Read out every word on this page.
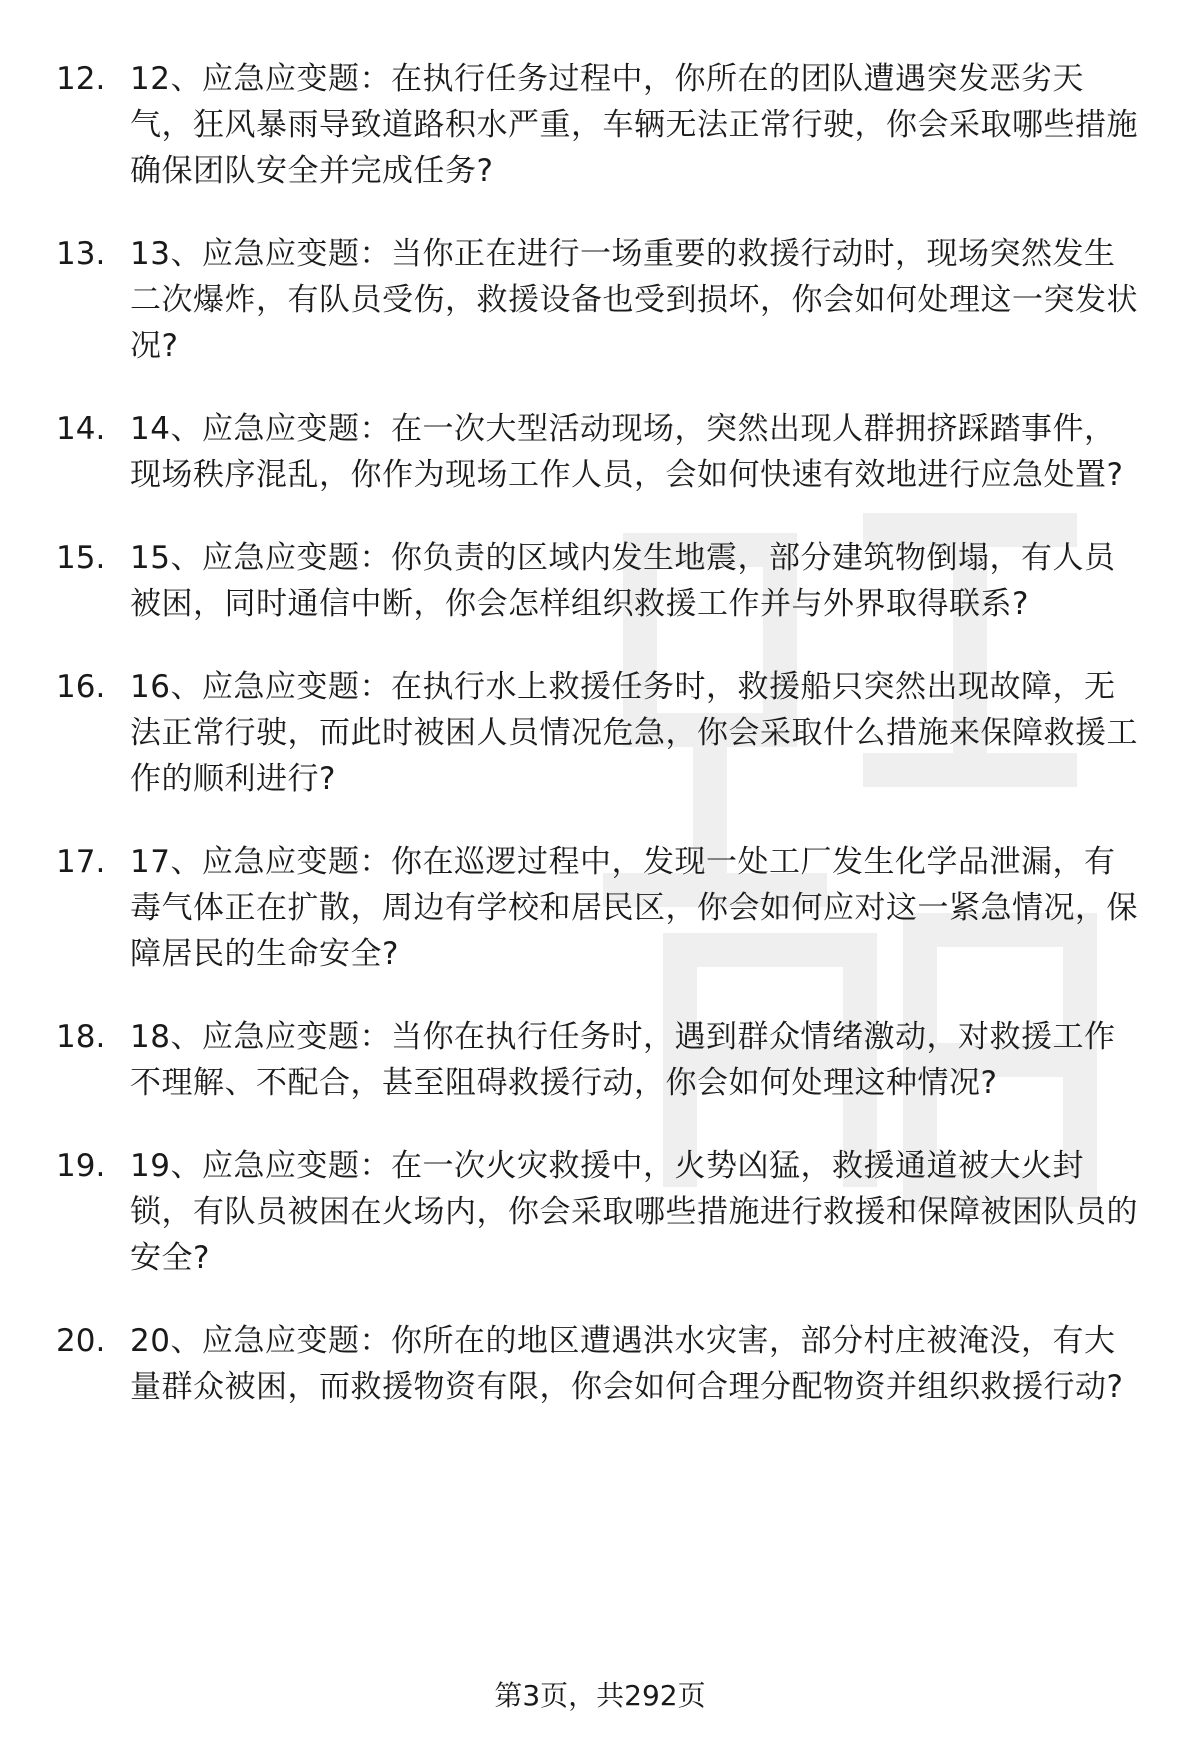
12. 12、应急应变题：在执行任务过程中，你所在的团队遭遇突发恶劣天气，狂风暴雨导致道路积水严重，车辆无法正常行驶，你会采取哪些措施确保团队安全并完成任务?
13. 13、应急应变题：当你正在进行一场重要的救援行动时，现场突然发生二次爆炸，有队员受伤，救援设备也受到损坏，你会如何处理这一突发状况?
14. 14、应急应变题：在一次大型活动现场，突然出现人群拥挤踩踏事件，现场秩序混乱，你作为现场工作人员，会如何快速有效地进行应急处置?
15. 15、应急应变题：你负责的区域内发生地震，部分建筑物倒塌，有人员被困，同时通信中断，你会怎样组织救援工作并与外界取得联系?
16. 16、应急应变题：在执行水上救援任务时，救援船只突然出现故障，无法正常行驶，而此时被困人员情况危急，你会采取什么措施来保障救援工作的顺利进行?
17. 17、应急应变题：你在巡逻过程中，发现一处工厂发生化学品泄漏，有毒气体正在扩散，周边有学校和居民区，你会如何应对这一紧急情况，保障居民的生命安全?
18. 18、应急应变题：当你在执行任务时，遇到群众情绪激动，对救援工作不理解、不配合，甚至阻碍救援行动，你会如何处理这种情况?
19. 19、应急应变题：在一次火灾救援中，火势凶猛，救援通道被大火封锁，有队员被困在火场内，你会采取哪些措施进行救援和保障被困队员的安全?
20. 20、应急应变题：你所在的地区遭遇洪水灾害，部分村庄被淹没，有大量群众被困，而救援物资有限，你会如何合理分配物资并组织救援行动?
第3页，共292页
